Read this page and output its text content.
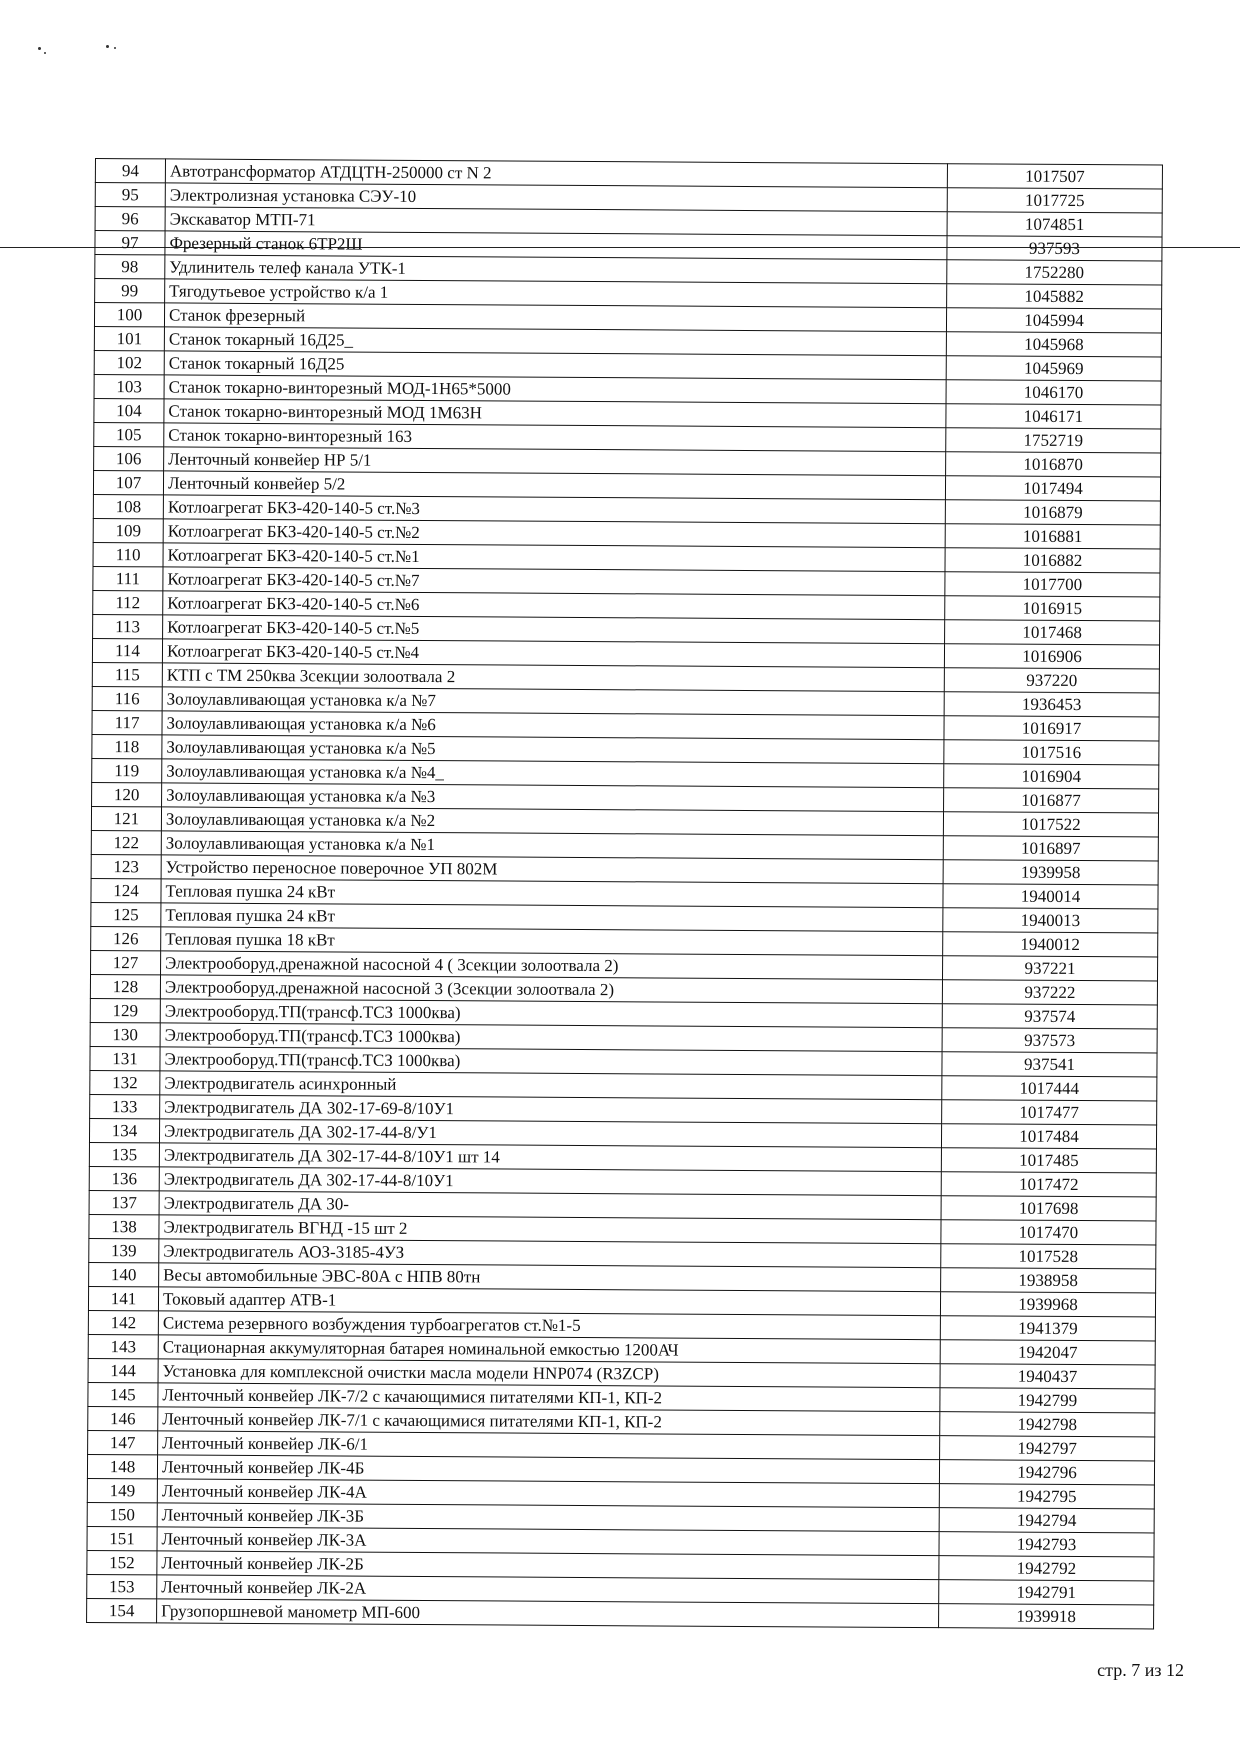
94	Автотрансформатор АТДЦТН-250000 ст N 2	1017507
95	Электролизная установка СЭУ-10	1017725
96	Экскаватор МТП-71	1074851
97	Фрезерный станок 6ТР2Ш	937593
98	Удлинитель телеф канала УТК-1	1752280
99	Тягодутьевое устройство к/а 1	1045882
100	Станок фрезерный	1045994
101	Станок токарный 16Д25_	1045968
102	Станок токарный 16Д25	1045969
103	Станок токарно-винторезный МОД-1Н65*5000	1046170
104	Станок токарно-винторезный МОД 1М63Н	1046171
105	Станок токарно-винторезный 163	1752719
106	Ленточный конвейер НР 5/1	1016870
107	Ленточный конвейер 5/2	1017494
108	Котлоагрегат БКЗ-420-140-5 ст.№3	1016879
109	Котлоагрегат БКЗ-420-140-5 ст.№2	1016881
110	Котлоагрегат БКЗ-420-140-5 ст.№1	1016882
111	Котлоагрегат БКЗ-420-140-5 ст.№7	1017700
112	Котлоагрегат БКЗ-420-140-5 ст.№6	1016915
113	Котлоагрегат БКЗ-420-140-5 ст.№5	1017468
114	Котлоагрегат БКЗ-420-140-5 ст.№4	1016906
115	КТП с ТМ 250ква 3секции золоотвала 2	937220
116	Золоулавливающая установка к/а №7	1936453
117	Золоулавливающая установка к/а №6	1016917
118	Золоулавливающая установка к/а №5	1017516
119	Золоулавливающая установка к/а №4_	1016904
120	Золоулавливающая установка к/а №3	1016877
121	Золоулавливающая установка к/а №2	1017522
122	Золоулавливающая установка к/а №1	1016897
123	Устройство переносное поверочное УП 802М	1939958
124	Тепловая пушка 24 кВт	1940014
125	Тепловая пушка 24 кВт	1940013
126	Тепловая пушка 18 кВт	1940012
127	Электрооборуд.дренажной насосной 4 ( 3секции золоотвала 2)	937221
128	Электрооборуд.дренажной насосной 3 (3секции золоотвала 2)	937222
129	Электрооборуд.ТП(трансф.ТСЗ 1000ква)	937574
130	Электрооборуд.ТП(трансф.ТСЗ 1000ква)	937573
131	Электрооборуд.ТП(трансф.ТСЗ 1000ква)	937541
132	Электродвигатель асинхронный	1017444
133	Электродвигатель ДА 302-17-69-8/10У1	1017477
134	Электродвигатель ДА 302-17-44-8/У1	1017484
135	Электродвигатель ДА 302-17-44-8/10У1 шт 14	1017485
136	Электродвигатель ДА 302-17-44-8/10У1	1017472
137	Электродвигатель ДА 30-	1017698
138	Электродвигатель ВГНД -15 шт 2	1017470
139	Электродвигатель АОЗ-3185-4УЗ	1017528
140	Весы автомобильные ЭВС-80А с НПВ 80тн	1938958
141	Токовый адаптер АТВ-1	1939968
142	Система резервного возбуждения турбоагрегатов ст.№1-5	1941379
143	Стационарная аккумуляторная батарея номинальной емкостью 1200АЧ	1942047
144	Установка для комплексной очистки масла модели HNP074 (R3ZCP)	1940437
145	Ленточный конвейер ЛК-7/2 с качающимися питателями КП-1, КП-2	1942799
146	Ленточный конвейер ЛК-7/1 с качающимися питателями КП-1, КП-2	1942798
147	Ленточный конвейер ЛК-6/1	1942797
148	Ленточный конвейер ЛК-4Б	1942796
149	Ленточный конвейер ЛК-4А	1942795
150	Ленточный конвейер ЛК-3Б	1942794
151	Ленточный конвейер ЛК-3А	1942793
152	Ленточный конвейер ЛК-2Б	1942792
153	Ленточный конвейер ЛК-2А	1942791
154	Грузопоршневой манометр МП-600	1939918
стр. 7 из 12
